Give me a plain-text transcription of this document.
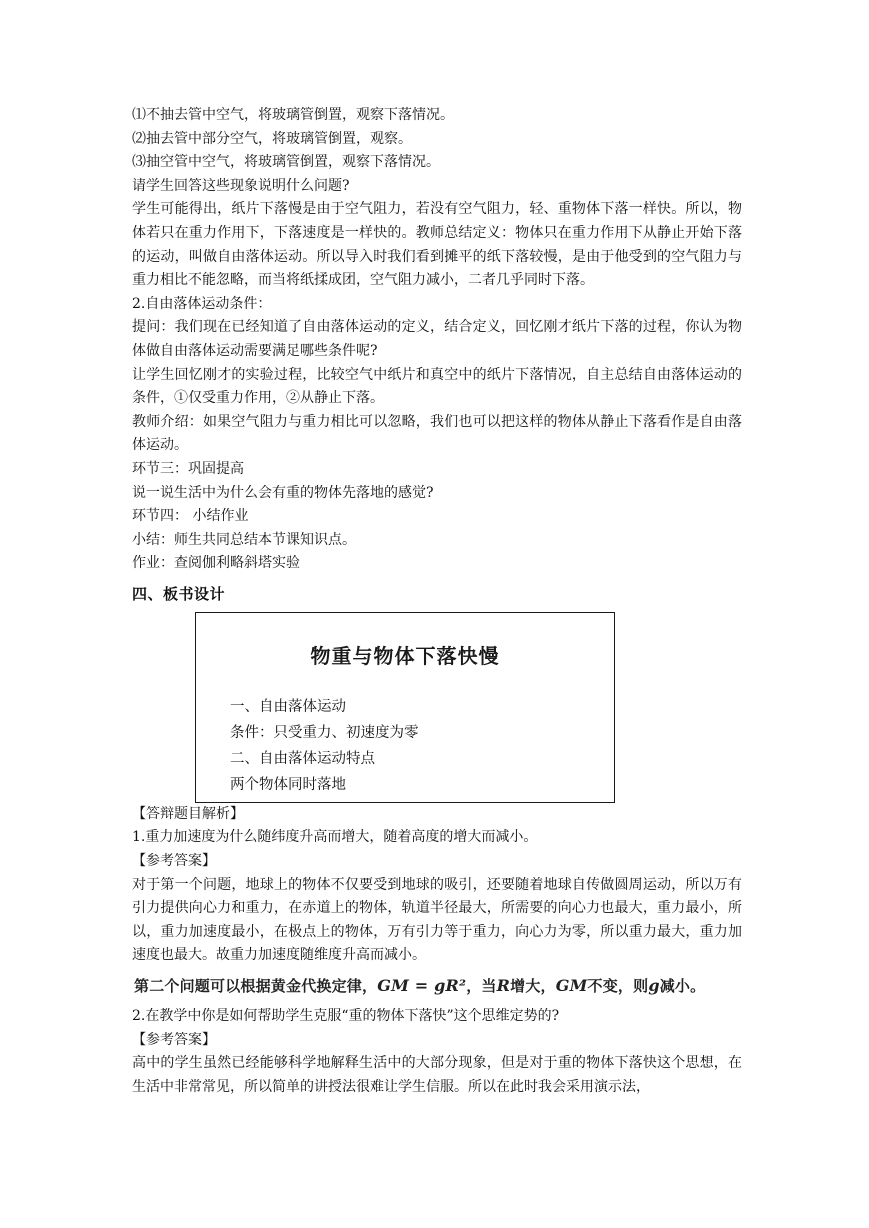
⑴不抽去管中空气，将玻璃管倒置，观察下落情况。

⑵抽去管中部分空气，将玻璃管倒置，观察。

⑶抽空管中空气，将玻璃管倒置，观察下落情况。

请学生回答这些现象说明什么问题?

学生可能得出，纸片下落慢是由于空气阻力，若没有空气阻力，轻、重物体下落一样快。所以，物体若只在重力作用下，下落速度是一样快的。教师总结定义：物体只在重力作用下从静止开始下落的运动，叫做自由落体运动。所以导入时我们看到摊平的纸下落较慢，是由于他受到的空气阻力与重力相比不能忽略，而当将纸揉成团，空气阻力减小，二者几乎同时下落。

2.自由落体运动条件：

提问：我们现在已经知道了自由落体运动的定义，结合定义，回忆刚才纸片下落的过程，你认为物体做自由落体运动需要满足哪些条件呢?

让学生回忆刚才的实验过程，比较空气中纸片和真空中的纸片下落情况，自主总结自由落体运动的条件，①仅受重力作用，②从静止下落。

教师介绍：如果空气阻力与重力相比可以忽略，我们也可以把这样的物体从静止下落看作是自由落体运动。

环节三：巩固提高

说一说生活中为什么会有重的物体先落地的感觉?

环节四： 小结作业

小结：师生共同总结本节课知识点。

作业：查阅伽利略斜塔实验

四、板书设计
物重与物体下落快慢

一、自由落体运动

条件：只受重力、初速度为零

二、自由落体运动特点

两个物体同时落地

【答辩题目解析】

1.重力加速度为什么随纬度升高而增大，随着高度的增大而减小。

【参考答案】

对于第一个问题，地球上的物体不仅要受到地球的吸引，还要随着地球自传做圆周运动，所以万有引力提供向心力和重力，在赤道上的物体，轨道半径最大，所需要的向心力也最大，重力最小，所以，重力加速度最小，在极点上的物体，万有引力等于重力，向心力为零，所以重力最大，重力加速度也最大。故重力加速度随维度升高而减小。

第二个问题可以根据黄金代换定律，GM = gR²，当R增大，GM不变，则g减小。

2.在教学中你是如何帮助学生克服“重的物体下落快”这个思维定势的?

【参考答案】

高中的学生虽然已经能够科学地解释生活中的大部分现象，但是对于重的物体下落快这个思想，在生活中非常常见，所以简单的讲授法很难让学生信服。所以在此时我会采用演示法，
